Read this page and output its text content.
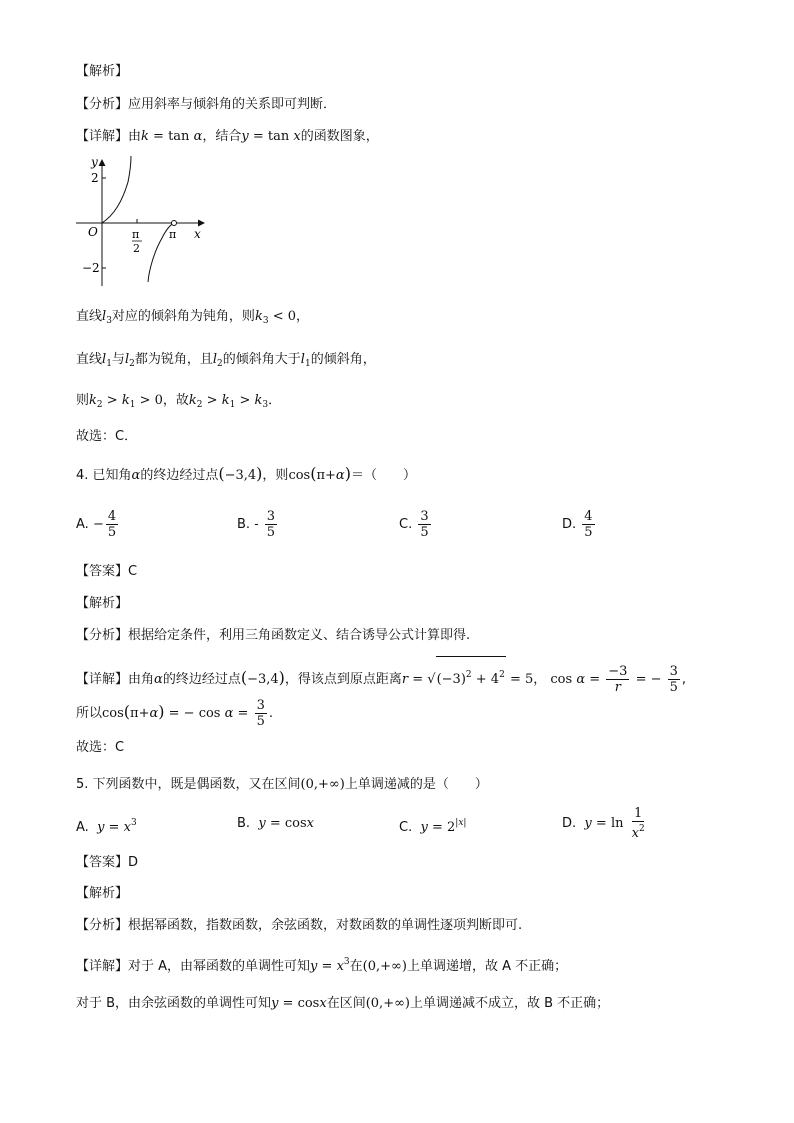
【解析】
【分析】应用斜率与倾斜角的关系即可判断．
【详解】由k = tan α，结合y = tan x的函数图象，
y
2
O	π
2
π x
−2
直线$l_3$对应的倾斜角为钝角，则$k_3 < 0$，
直线$l_1$与$l_2$都为锐角，且$l_2$的倾斜角大于$l_1$的倾斜角，
则$k_2 > k_1 > 0$，故$k_2 > k_1 > k_3$．
故选：C．
4. 已知角α的终边经过点(−3,4)，则cos(π+α)＝（　　）
A. − $\frac{4}{5}$	B. - $\frac{3}{5}$	C. $\frac{3}{5}$	D. $\frac{4}{5}$
【答案】C
【解析】
【分析】根据给定条件，利用三角函数定义、结合诱导公式计算即得.
【详解】由角α的终边经过点(−3,4)，得该点到原点距离$r = √(-3)^2 + 4^2 = 5$， $\cos \alpha = \frac{-3}{r}$ = − $\frac{3}{5}$ ,
所以cos(π+α) = − $\cos \alpha = \frac{3}{5}$ .
故选：C
5. 下列函数中，既是偶函数，又在区间(0,+∞)上单调递减的是（　　）
A. $y = x^3$	B. y = cosx	C. $y = 2^{|x|}$	D. $y = \ln \frac{1}{x^2}$
【答案】D
【解析】
【分析】根据幂函数，指数函数，余弦函数，对数函数的单调性逐项判断即可.
【详解】对于 A，由幂函数的单调性可知$y = x^3$在(0,+∞)上单调递增，故 A 不正确；
对于 B，由余弦函数的单调性可知y = cosx在区间(0,+∞)上单调递减不成立，故 B 不正确；
